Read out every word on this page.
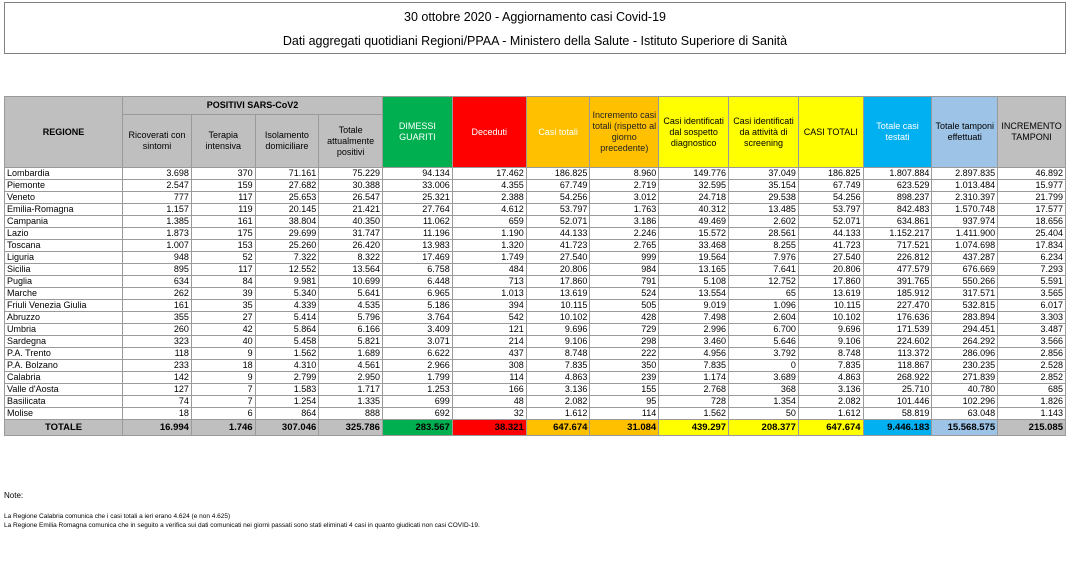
30 ottobre 2020 - Aggiornamento casi Covid-19
Dati aggregati quotidiani Regioni/PPAA - Ministero della Salute - Istituto Superiore di Sanità
REGIONE	POSITIVI SARS-CoV2				DIMESSI GUARITI	Deceduti	Casi totali	Incremento casi totali (rispetto al giorno precedente)	Casi identificati dal sospetto diagnostico	Casi identificati da attività di screening	CASI TOTALI	Totale casi testati	Totale tamponi effettuati	INCREMENTO TAMPONI
	Ricoverati con sintomi	Terapia intensiva	Isolamento domiciliare	Totale attualmente positivi										
Lombardia	3.698	370	71.161	75.229	94.134	17.462	186.825	8.960	149.776	37.049	186.825	1.807.884	2.897.835	46.892
Piemonte	2.547	159	27.682	30.388	33.006	4.355	67.749	2.719	32.595	35.154	67.749	623.529	1.013.484	15.977
Veneto	777	117	25.653	26.547	25.321	2.388	54.256	3.012	24.718	29.538	54.256	898.237	2.310.397	21.799
Emilia-Romagna	1.157	119	20.145	21.421	27.764	4.612	53.797	1.763	40.312	13.485	53.797	842.483	1.570.748	17.577
Campania	1.385	161	38.804	40.350	11.062	659	52.071	3.186	49.469	2.602	52.071	634.861	937.974	18.656
Lazio	1.873	175	29.699	31.747	11.196	1.190	44.133	2.246	15.572	28.561	44.133	1.152.217	1.411.900	25.404
Toscana	1.007	153	25.260	26.420	13.983	1.320	41.723	2.765	33.468	8.255	41.723	717.521	1.074.698	17.834
Liguria	948	52	7.322	8.322	17.469	1.749	27.540	999	19.564	7.976	27.540	226.812	437.287	6.234
Sicilia	895	117	12.552	13.564	6.758	484	20.806	984	13.165	7.641	20.806	477.579	676.669	7.293
Puglia	634	84	9.981	10.699	6.448	713	17.860	791	5.108	12.752	17.860	391.765	550.266	5.591
Marche	262	39	5.340	5.641	6.965	1.013	13.619	524	13.554	65	13.619	185.912	317.571	3.565
Friuli Venezia Giulia	161	35	4.339	4.535	5.186	394	10.115	505	9.019	1.096	10.115	227.470	532.815	6.017
Abruzzo	355	27	5.414	5.796	3.764	542	10.102	428	7.498	2.604	10.102	176.636	283.894	3.303
Umbria	260	42	5.864	6.166	3.409	121	9.696	729	2.996	6.700	9.696	171.539	294.451	3.487
Sardegna	323	40	5.458	5.821	3.071	214	9.106	298	3.460	5.646	9.106	224.602	264.292	3.566
P.A. Trento	118	9	1.562	1.689	6.622	437	8.748	222	4.956	3.792	8.748	113.372	286.096	2.856
P.A. Bolzano	233	18	4.310	4.561	2.966	308	7.835	350	7.835	0	7.835	118.867	230.235	2.528
Calabria	142	9	2.799	2.950	1.799	114	4.863	239	1.174	3.689	4.863	268.922	271.839	2.852
Valle d'Aosta	127	7	1.583	1.717	1.253	166	3.136	155	2.768	368	3.136	25.710	40.780	685
Basilicata	74	7	1.254	1.335	699	48	2.082	95	728	1.354	2.082	101.446	102.296	1.826
Molise	18	6	864	888	692	32	1.612	114	1.562	50	1.612	58.819	63.048	1.143
TOTALE	16.994	1.746	307.046	325.786	283.567	38.321	647.674	31.084	439.297	208.377	647.674	9.446.183	15.568.575	215.085
Note:
La Regione Calabria comunica che i casi totali a ieri erano 4.624 (e non 4.625)
La Regione Emilia Romagna comunica che in seguito a verifica sui dati comunicati nei giorni passati sono stati eliminati 4 casi in quanto giudicati non casi COVID-19.
